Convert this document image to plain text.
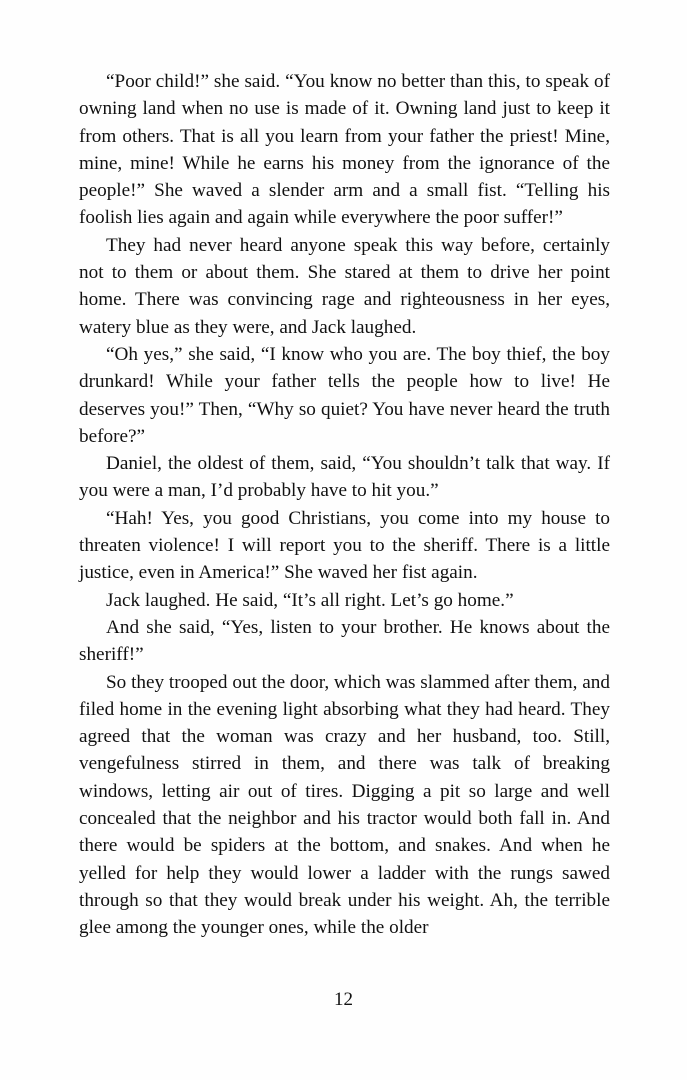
“Poor child!” she said. “You know no better than this, to speak of owning land when no use is made of it. Owning land just to keep it from others. That is all you learn from your father the priest! Mine, mine, mine! While he earns his money from the ignorance of the people!” She waved a slender arm and a small fist. “Telling his foolish lies again and again while everywhere the poor suffer!”

They had never heard anyone speak this way before, certainly not to them or about them. She stared at them to drive her point home. There was convincing rage and righteousness in her eyes, watery blue as they were, and Jack laughed.

“Oh yes,” she said, “I know who you are. The boy thief, the boy drunkard! While your father tells the people how to live! He deserves you!” Then, “Why so quiet? You have never heard the truth before?”

Daniel, the oldest of them, said, “You shouldn’t talk that way. If you were a man, I’d probably have to hit you.”

“Hah! Yes, you good Christians, you come into my house to threaten violence! I will report you to the sheriff. There is a little justice, even in America!” She waved her fist again.

Jack laughed. He said, “It’s all right. Let’s go home.”

And she said, “Yes, listen to your brother. He knows about the sheriff!”

So they trooped out the door, which was slammed after them, and filed home in the evening light absorbing what they had heard. They agreed that the woman was crazy and her husband, too. Still, vengefulness stirred in them, and there was talk of breaking windows, letting air out of tires. Digging a pit so large and well concealed that the neighbor and his tractor would both fall in. And there would be spiders at the bottom, and snakes. And when he yelled for help they would lower a ladder with the rungs sawed through so that they would break under his weight. Ah, the terrible glee among the younger ones, while the older

12
